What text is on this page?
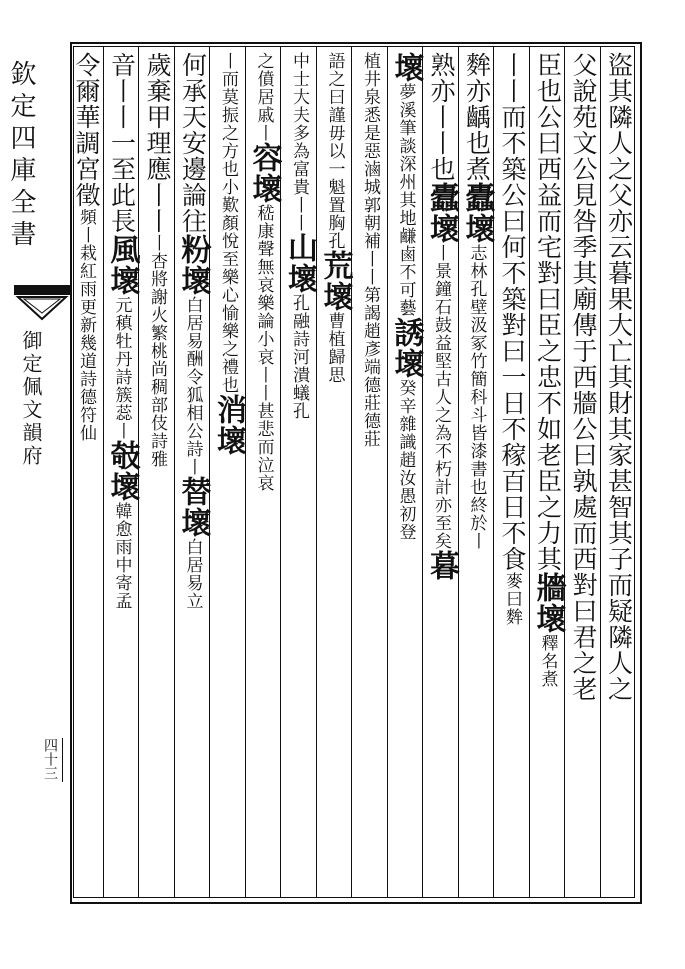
欽定四庫全書
御定佩文韻府
四十三
盜其隣人之父亦云暮果大亡其財其家甚智其子而疑隣人之
父說苑文公見咎季其廟傳于西牆公曰孰處而西對曰君之老
臣也公曰西益而宅對曰臣之忠不如老臣之力其牆壞釋名煮
丨丨而不築公曰何不築對曰一日不稼百日不食麥曰麰
麰亦齲也煮蠹壞志林孔壁汲冢竹簡科斗皆漆書也終於丨
熟亦丨丨也蠹壞丨景鐘石鼓益堅古人之為不朽計亦至矣暮
壞夢溪筆談深州其地鹻鹵不可藝誘壞癸辛雜識趙汝愚初登
植井泉悉是惡滷城郭朝補丨丨第謁趙彥端德莊德莊
語之曰謹毋以一魁置胸孔荒壞曹植歸思
中士大夫多為富貴丨丨山壞孔融詩河潰蟻孔
之僨居戚丨容壞嵇康聲無哀樂論小哀丨丨甚悲而泣哀
丨而莫振之方也小歎顏悅至樂心愉樂之禮也消壞
何承天安邊論往粉壞白居易酬令狐相公詩丨替壞白居易立
歲棄甲理應丨丨丨杏將謝火繁桃尚稠部伎詩雅
音丨丨一至此長風壞元稹牡丹詩簇蕊丨攲壞韓愈雨中寄孟
令爾華調宮徵頻丨栽紅雨更新幾道詩德符仙
